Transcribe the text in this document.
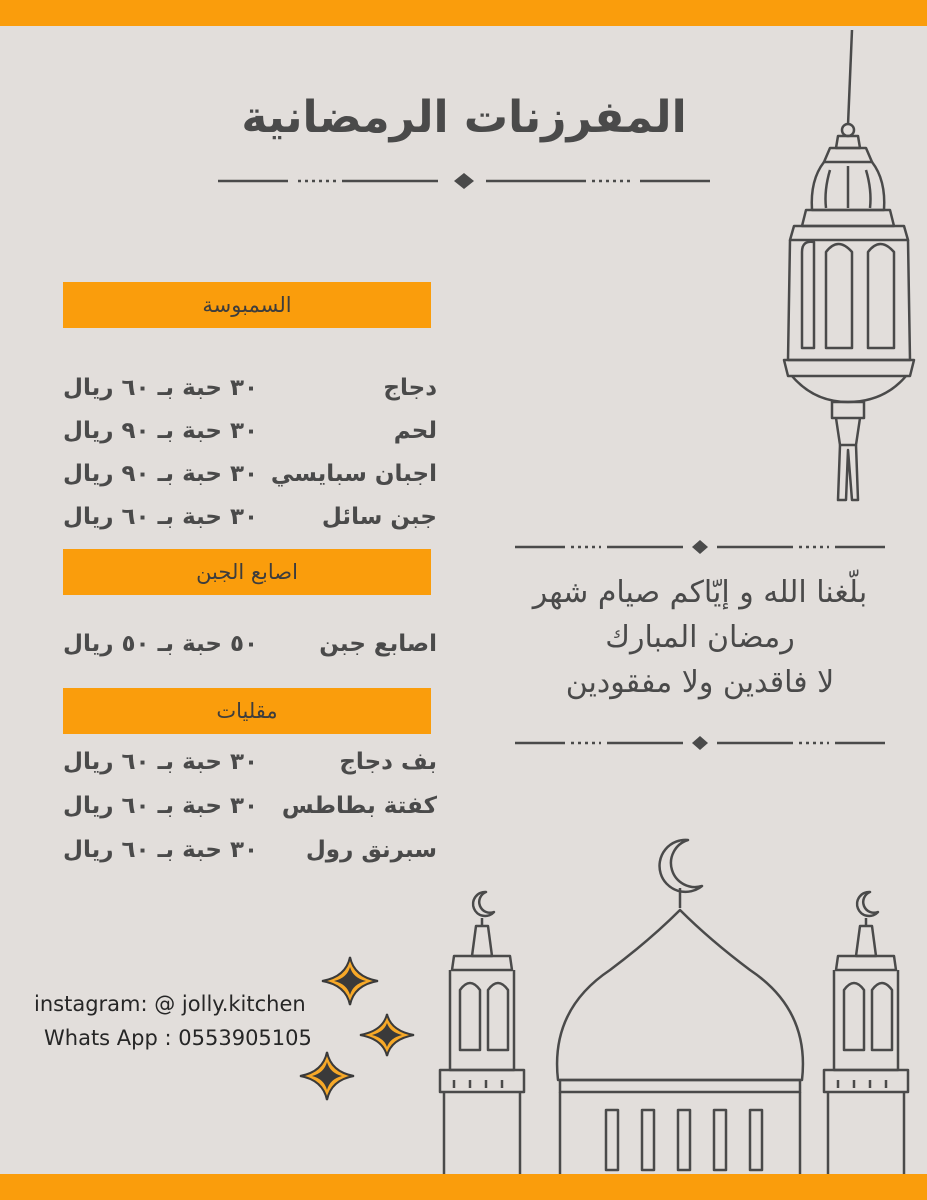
المفرزنات الرمضانية
السمبوسة
دجاج
٣٠ حبة بـ ٦٠ ريال
لحم
٣٠ حبة بـ ٩٠ ريال
اجبان سبايسي
٣٠ حبة بـ ٩٠ ريال
جبن سائل
٣٠ حبة بـ ٦٠ ريال
اصابع الجبن
اصابع جبن
٥٠ حبة بـ ٥٠ ريال
مقليات
بف دجاج
٣٠ حبة بـ ٦٠ ريال
كفتة بطاطس
٣٠ حبة بـ ٦٠ ريال
سبرنق رول
٣٠ حبة بـ ٦٠ ريال
بلّغنا الله و إيّاكم صيام شهر
رمضان المبارك
لا فاقدين ولا مفقودين
instagram: @ jolly.kitchen
Whats App : 0553905105
